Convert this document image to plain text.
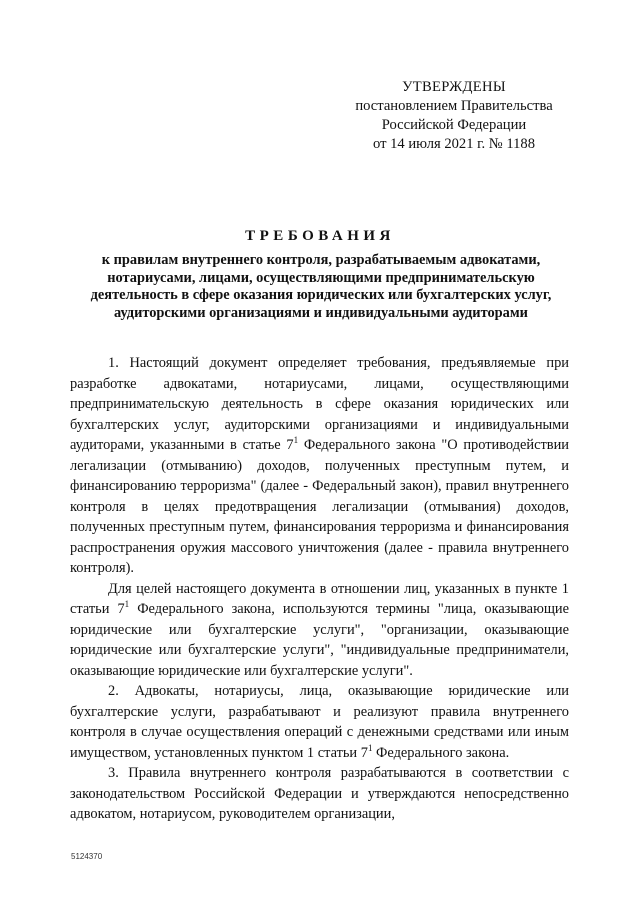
УТВЕРЖДЕНЫ
постановлением Правительства
Российской Федерации
от 14 июля 2021 г. № 1188
ТРЕБОВАНИЯ
к правилам внутреннего контроля, разрабатываемым адвокатами, нотариусами, лицами, осуществляющими предпринимательскую деятельность в сфере оказания юридических или бухгалтерских услуг, аудиторскими организациями и индивидуальными аудиторами

1. Настоящий документ определяет требования, предъявляемые при разработке адвокатами, нотариусами, лицами, осуществляющими предпринимательскую деятельность в сфере оказания юридических или бухгалтерских услуг, аудиторскими организациями и индивидуальными аудиторами, указанными в статье $7^1$ Федерального закона "О противодействии легализации (отмыванию) доходов, полученных преступным путем, и финансированию терроризма" (далее - Федеральный закон), правил внутреннего контроля в целях предотвращения легализации (отмывания) доходов, полученных преступным путем, финансирования терроризма и финансирования распространения оружия массового уничтожения (далее - правила внутреннего контроля).

Для целей настоящего документа в отношении лиц, указанных в пункте 1 статьи $7^1$ Федерального закона, используются термины "лица, оказывающие юридические или бухгалтерские услуги", "организации, оказывающие юридические или бухгалтерские услуги", "индивидуальные предприниматели, оказывающие юридические или бухгалтерские услуги".

2. Адвокаты, нотариусы, лица, оказывающие юридические или бухгалтерские услуги, разрабатывают и реализуют правила внутреннего контроля в случае осуществления операций с денежными средствами или иным имуществом, установленных пунктом 1 статьи $7^1$ Федерального закона.

3. Правила внутреннего контроля разрабатываются в соответствии с законодательством Российской Федерации и утверждаются непосредственно адвокатом, нотариусом, руководителем организации,

5124370
